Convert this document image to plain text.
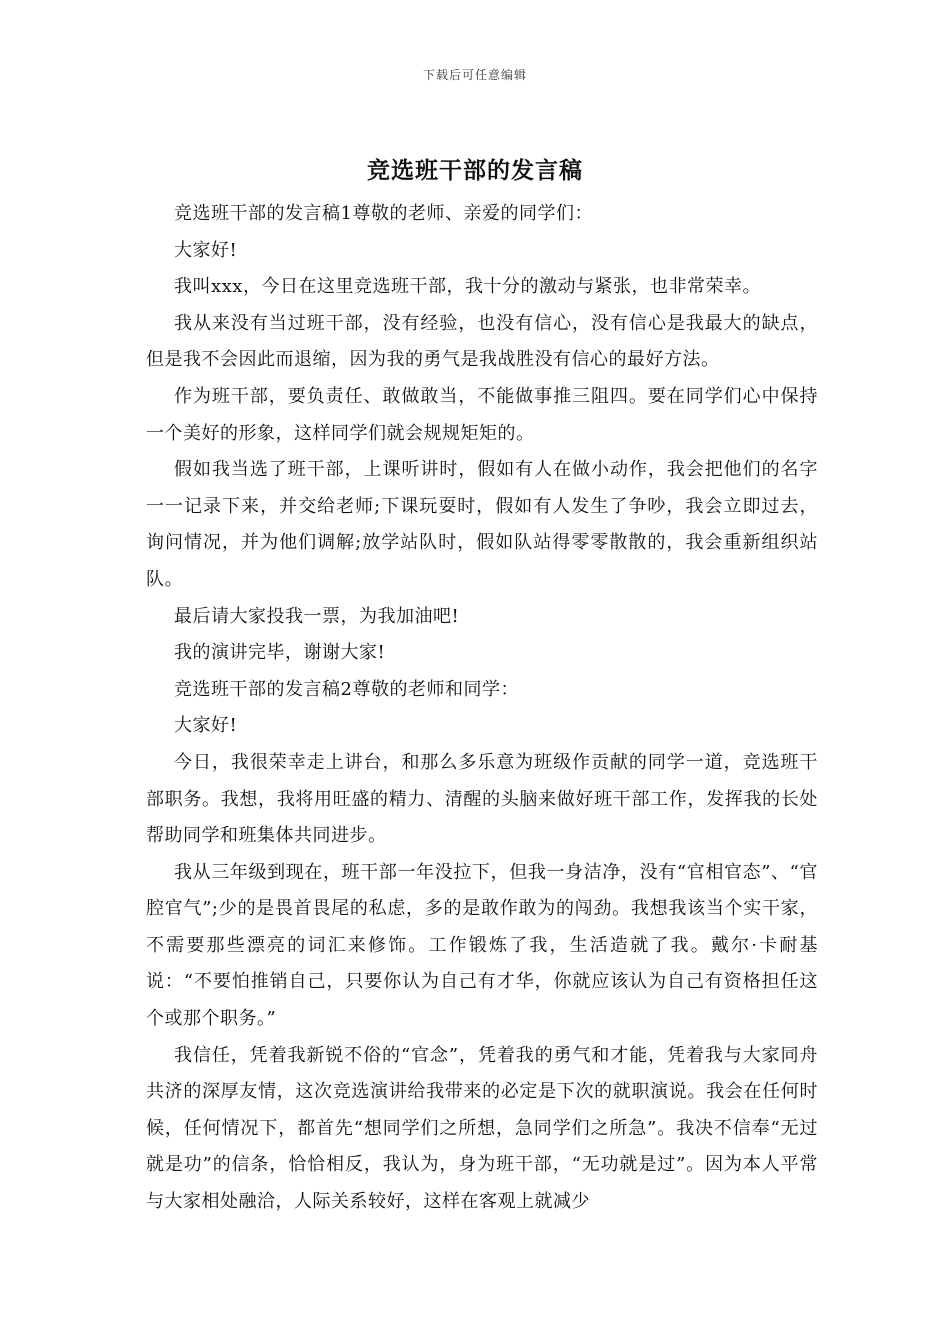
下载后可任意编辑
竞选班干部的发言稿

竞选班干部的发言稿1尊敬的老师、亲爱的同学们：

大家好!

我叫xxx，今日在这里竞选班干部，我十分的激动与紧张，也非常荣幸。

我从来没有当过班干部，没有经验，也没有信心，没有信心是我最大的缺点，但是我不会因此而退缩，因为我的勇气是我战胜没有信心的最好方法。

作为班干部，要负责任、敢做敢当，不能做事推三阻四。要在同学们心中保持一个美好的形象，这样同学们就会规规矩矩的。

假如我当选了班干部，上课听讲时，假如有人在做小动作，我会把他们的名字一一记录下来，并交给老师;下课玩耍时，假如有人发生了争吵，我会立即过去，询问情况，并为他们调解;放学站队时，假如队站得零零散散的，我会重新组织站队。

最后请大家投我一票，为我加油吧!

我的演讲完毕，谢谢大家!

竞选班干部的发言稿2尊敬的老师和同学：

大家好!

今日，我很荣幸走上讲台，和那么多乐意为班级作贡献的同学一道，竞选班干部职务。我想，我将用旺盛的精力、清醒的头脑来做好班干部工作，发挥我的长处帮助同学和班集体共同进步。

我从三年级到现在，班干部一年没拉下，但我一身洁净，没有“官相官态”、“官腔官气”;少的是畏首畏尾的私虑，多的是敢作敢为的闯劲。我想我该当个实干家，不需要那些漂亮的词汇来修饰。工作锻炼了我，生活造就了我。戴尔·卡耐基说：“不要怕推销自己，只要你认为自己有才华，你就应该认为自己有资格担任这个或那个职务。”

我信任，凭着我新锐不俗的“官念”，凭着我的勇气和才能，凭着我与大家同舟共济的深厚友情，这次竞选演讲给我带来的必定是下次的就职演说。我会在任何时候，任何情况下，都首先“想同学们之所想，急同学们之所急”。我决不信奉“无过就是功”的信条，恰恰相反，我认为，身为班干部，“无功就是过”。因为本人平常与大家相处融洽，人际关系较好，这样在客观上就减少
